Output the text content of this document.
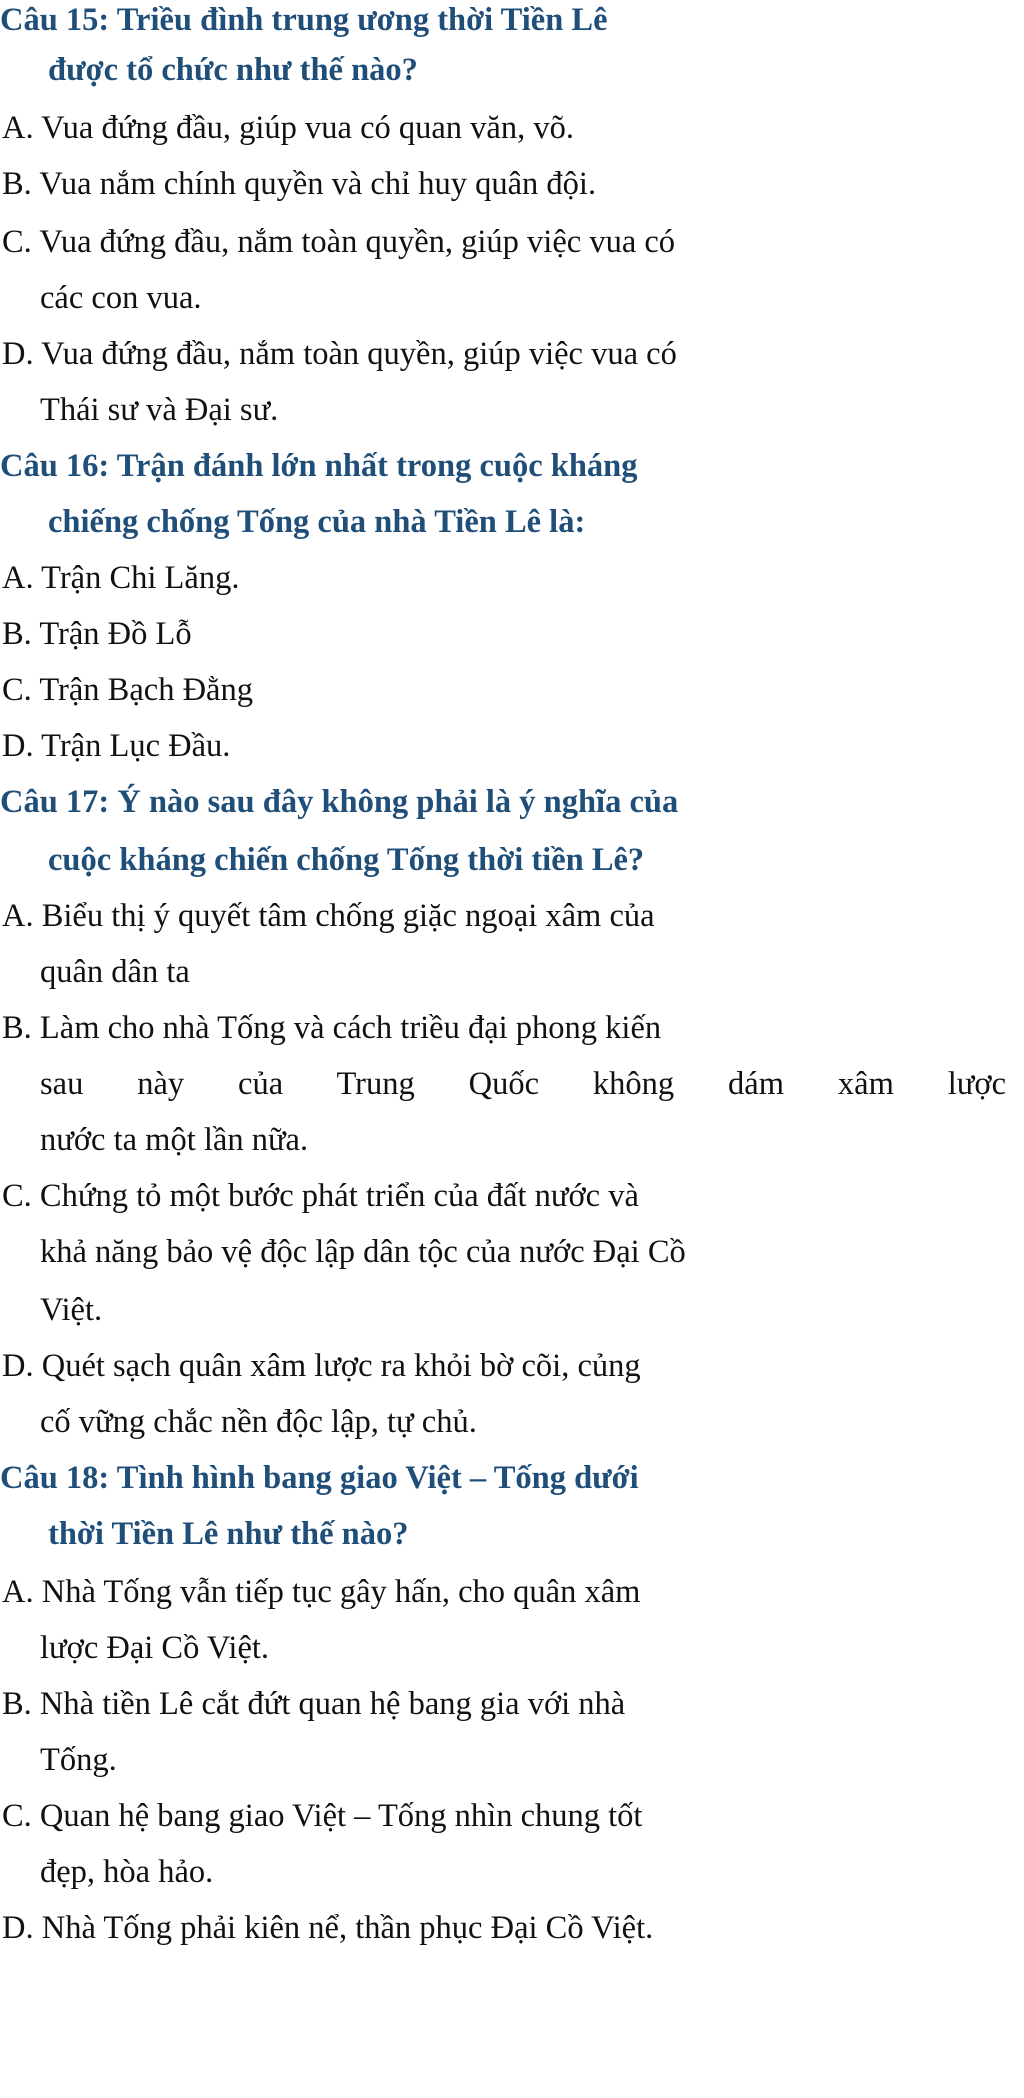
Câu 15: Triều đình trung ương thời Tiền Lê
được tổ chức như thế nào?
A. Vua đứng đầu, giúp vua có quan văn, võ.
B. Vua nắm chính quyền và chỉ huy quân đội.
C. Vua đứng đầu, nắm toàn quyền, giúp việc vua có
các con vua.
D. Vua đứng đầu, nắm toàn quyền, giúp việc vua có
Thái sư và Đại sư.
Câu 16: Trận đánh lớn nhất trong cuộc kháng
chiếng chống Tống của nhà Tiền Lê là:
A. Trận Chi Lăng.
B. Trận Đồ Lỗ
C. Trận Bạch Đằng
D. Trận Lục Đầu.
Câu 17: Ý nào sau đây không phải là ý nghĩa của
cuộc kháng chiến chống Tống thời tiền Lê?
A. Biểu thị ý quyết tâm chống giặc ngoại xâm của
quân dân ta
B. Làm cho nhà Tống và cách triều đại phong kiến
sau này của Trung Quốc không dám xâm lược
nước ta một lần nữa.
C. Chứng tỏ một bước phát triển của đất nước và
khả năng bảo vệ độc lập dân tộc của nước Đại Cồ
Việt.
D. Quét sạch quân xâm lược ra khỏi bờ cõi, củng
cố vững chắc nền độc lập, tự chủ.
Câu 18: Tình hình bang giao Việt – Tống dưới
thời Tiền Lê như thế nào?
A. Nhà Tống vẫn tiếp tục gây hấn, cho quân xâm
lược Đại Cồ Việt.
B. Nhà tiền Lê cắt đứt quan hệ bang gia với nhà
Tống.
C. Quan hệ bang giao Việt – Tống nhìn chung tốt
đẹp, hòa hảo.
D. Nhà Tống phải kiên nể, thần phục Đại Cồ Việt.
